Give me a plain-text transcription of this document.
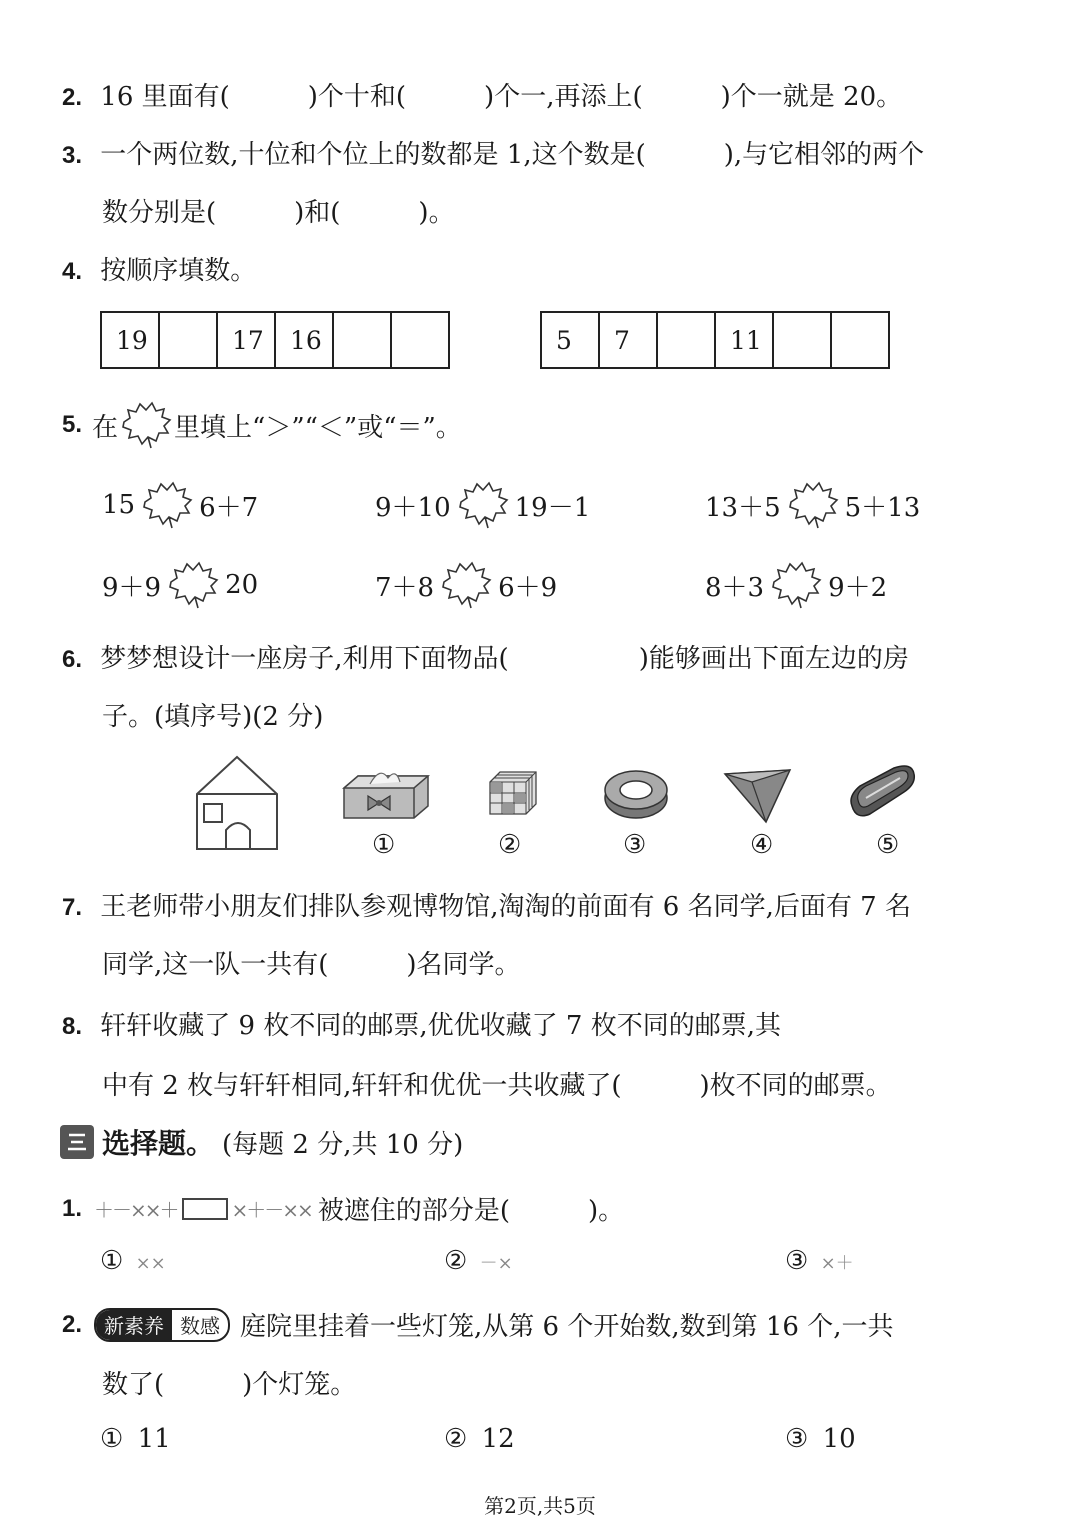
2. 16 里面有(　　　)个十和(　　　)个一,再添上(　　　)个一就是 20。
3. 一个两位数,十位和个位上的数都是 1,这个数是(　　　),与它相邻的两个
数分别是(　　　)和(　　　)。
4. 按顺序填数。
19		17	16			5	7		11		
5. 在 里填上“＞”“＜”或“＝”。
15 6＋7	9＋10 19－1	13＋5 5＋13
9＋9 20	7＋8 6＋9	8＋3 9＋2
6. 梦梦想设计一座房子,利用下面物品(　　　　　)能够画出下面左边的房
子。(填序号)(2 分)
①	②	③	④	⑤
7. 王老师带小朋友们排队参观博物馆,淘淘的前面有 6 名同学,后面有 7 名
同学,这一队一共有(　　　)名同学。
8. 轩轩收藏了 9 枚不同的邮票,优优收藏了 7 枚不同的邮票,其
中有 2 枚与轩轩相同,轩轩和优优一共收藏了(　　　)枚不同的邮票。
选择题。 (每题 2 分,共 10 分)
1. ＋－××＋	×＋－×× 被遮住的部分是(　　　)。
① ××	② －×	③ ×＋
2.	新素养 数感 庭院里挂着一些灯笼,从第 6 个开始数,数到第 16 个,一共
数了(　　　)个灯笼。
① 11	② 12	③ 10
第2页,共5页
